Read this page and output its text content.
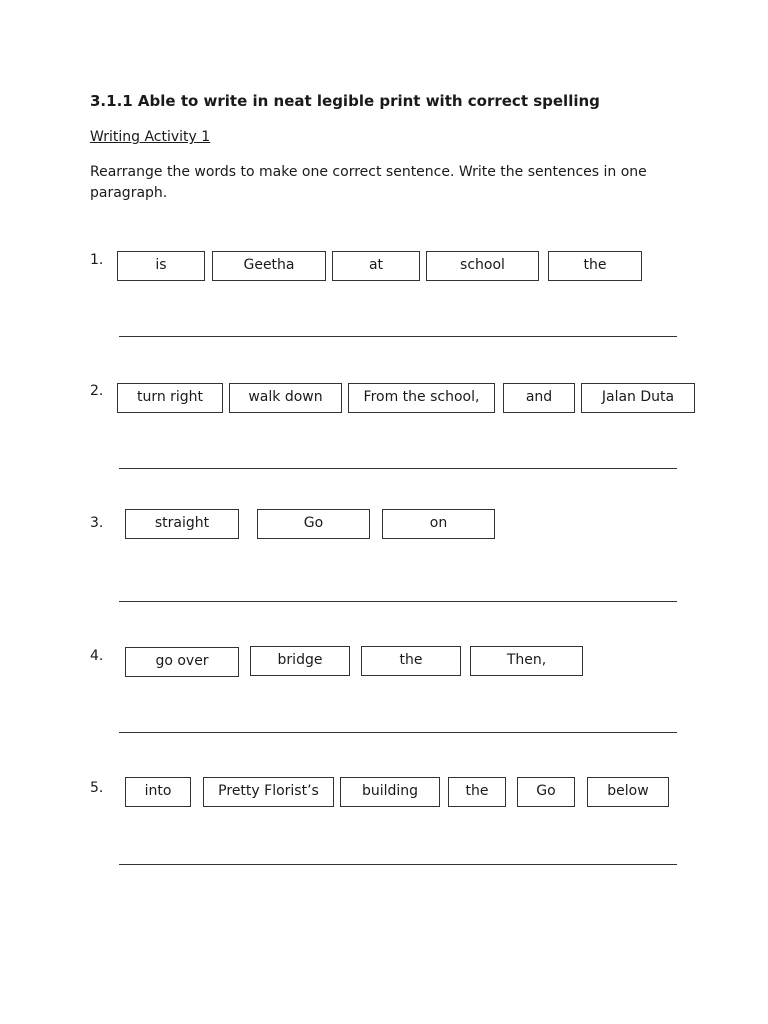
3.1.1 Able to write in neat legible print with correct spelling

Writing Activity 1

Rearrange the words to make one correct sentence. Write the sentences in one paragraph.

1.	is	Geetha	at	school	the
2.	turn right	walk down	From the school,	and	Jalan Duta
3.	straight	Go	on
4.	go over	bridge	the	Then,
5.	into	Pretty Florist’s	building	the	Go	below
